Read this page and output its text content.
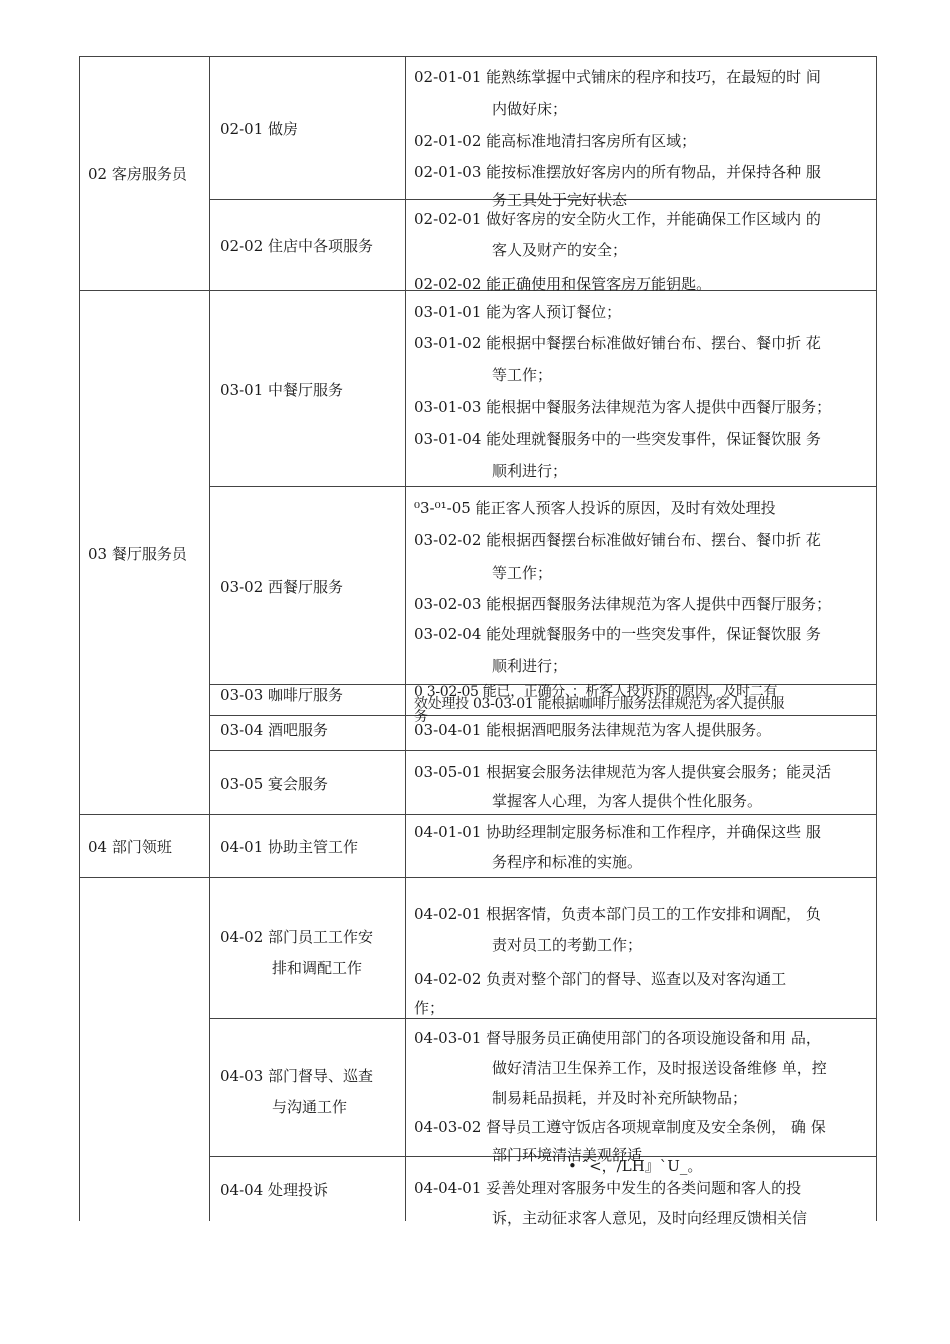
02 客房服务员
03 餐厅服务员
04 部门领班
02-01 做房
02-02 住店中各项服务
03-01 中餐厅服务
03-02 西餐厅服务
03-03 咖啡厅服务
03-04 酒吧服务
03-05 宴会服务
04-01 协助主管工作
04-02 部门员工工作安
排和调配工作
04-03 部门督导、巡查
与沟通工作
04-04 处理投诉
02-01-01 能熟练掌握中式铺床的程序和技巧，在最短的时 间
内做好床；
02-01-02 能高标准地清扫客房所有区域；
02-01-03 能按标准摆放好客房内的所有物品，并保持各种 服
务工具处于完好状态
02-02-01 做好客房的安全防火工作，并能确保工作区域内 的
客人及财产的安全；
02-02-02 能正确使用和保管客房万能钥匙。
03-01-01 能为客人预订餐位；
03-01-02 能根据中餐摆台标准做好铺台布、摆台、餐巾折 花
等工作；
03-01-03 能根据中餐服务法律规范为客人提供中西餐厅服务；
03-01-04 能处理就餐服务中的一些突发事件，保证餐饮服 务
顺利进行；
⁰3-⁰¹-05 能正客人预客人投诉的原因，及时有效处理投
03-02-02 能根据西餐摆台标准做好铺台布、摆台、餐巾折 花
等工作；
03-02-03 能根据西餐服务法律规范为客人提供中西餐厅服务；
03-02-04 能处理就餐服务中的一些突发事件，保证餐饮服 务
顺利进行；
0 3-02-05 能已，正确分、；析客人投诉诉的原因，及时二有
效处理投 03-03-01 能根据咖啡厅服务法律规范为客人提供服
务
03-04-01 能根据酒吧服务法律规范为客人提供服务。
03-05-01 根据宴会服务法律规范为客人提供宴会服务；能灵活
掌握客人心理，为客人提供个性化服务。
04-01-01 协助经理制定服务标准和工作程序，并确保这些 服
务程序和标准的实施。
04-02-01 根据客情，负责本部门员工的工作安排和调配， 负
责对员工的考勤工作；
04-02-02 负责对整个部门的督导、巡查以及对客沟通工
作；
04-03-01 督导服务员正确使用部门的各项设施设备和用 品，
做好清洁卫生保养工作，及时报送设备维修 单，控
制易耗品损耗，并及时补充所缺物品；
04-03-02 督导员工遵守饭店各项规章制度及安全条例， 确 保
部门环境清洁美观舒适
• ˆ<，/LH』ˋU_。
04-04-01 妥善处理对客服务中发生的各类问题和客人的投
诉，主动征求客人意见，及时向经理反馈相关信
